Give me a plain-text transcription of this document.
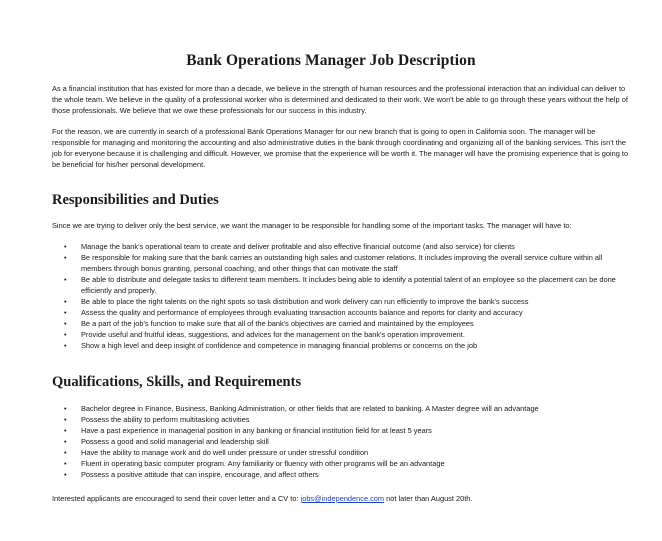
Bank Operations Manager Job Description
As a financial institution that has existed for more than a decade, we believe in the strength of human resources and the professional interaction that an individual can deliver to the whole team. We believe in the quality of a professional worker who is determined and dedicated to their work. We won't be able to go through these years without the help of those professionals. We believe that we owe these professionals for our success in this industry.
For the reason, we are currently in search of a professional Bank Operations Manager for our new branch that is going to open in California soon. The manager will be responsible for managing and monitoring the accounting and also administrative duties in the bank through coordinating and organizing all of the banking services. This isn't the job for everyone because it is challenging and difficult. However, we promise that the experience will be worth it. The manager will have the promising experience that is going to be beneficial for his/her personal development.
Responsibilities and Duties
Since we are trying to deliver only the best service, we want the manager to be responsible for handling some of the important tasks. The manager will have to:
• Manage the bank's operational team to create and deliver profitable and also effective financial outcome (and also service) for clients
• Be responsible for making sure that the bank carries an outstanding high sales and customer relations. It includes improving the overall service culture within all members through bonus granting, personal coaching, and other things that can motivate the staff
• Be able to distribute and delegate tasks to different team members. It includes being able to identify a potential talent of an employee so the placement can be done efficiently and properly.
• Be able to place the right talents on the right spots so task distribution and work delivery can run efficiently to improve the bank's success
• Assess the quality and performance of employees through evaluating transaction accounts balance and reports for clarity and accuracy
• Be a part of the job's function to make sure that all of the bank's objectives are carried and maintained by the employees
• Provide useful and fruitful ideas, suggestions, and advices for the management on the bank's operation improvement.
• Show a high level and deep insight of confidence and competence in managing financial problems or concerns on the job
Qualifications, Skills, and Requirements
• Bachelor degree in Finance, Business, Banking Administration, or other fields that are related to banking. A Master degree will an advantage
• Possess the ability to perform multitasking activities
• Have a past experience in managerial position in any banking or financial institution field for at least 5 years
• Possess a good and solid managerial and leadership skill
• Have the ability to manage work and do well under pressure or under stressful condition
• Fluent in operating basic computer program. Any familiarity or fluency with other programs will be an advantage
• Possess a positive attitude that can inspire, encourage, and affect others
Interested applicants are encouraged to send their cover letter and a CV to: jobs@independence.com not later than August 20th.
